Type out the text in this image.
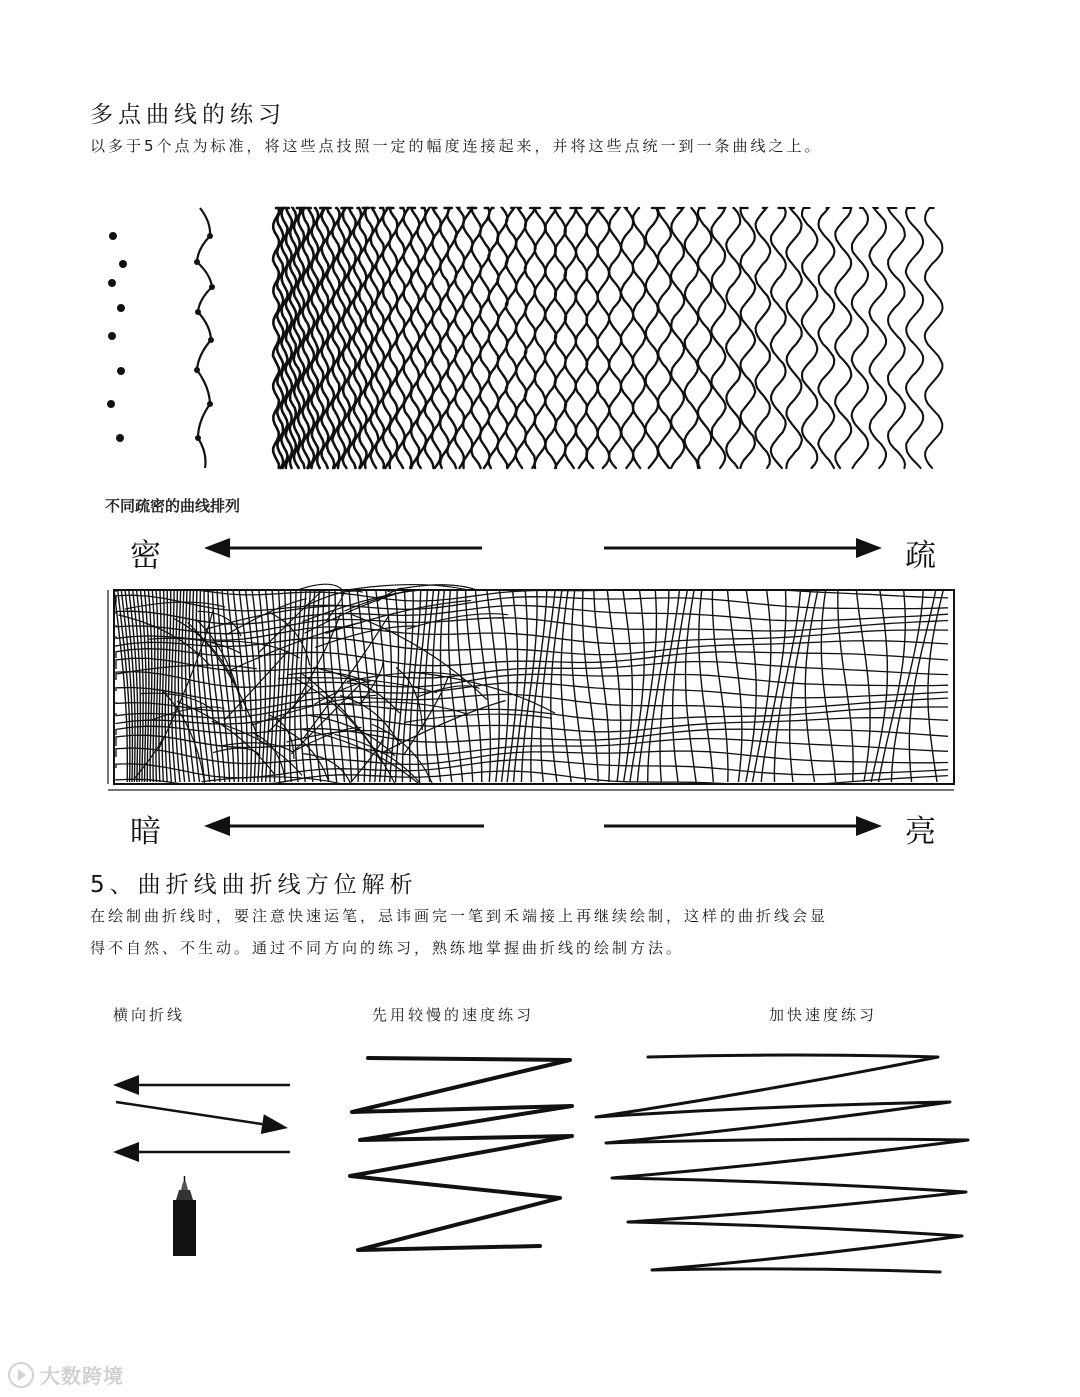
多点曲线的练习
以多于5个点为标准，将这些点技照一定的幅度连接起来，并将这些点统一到一条曲线之上。
不同疏密的曲线排列
密	疏
暗	亮
5、曲折线曲折线方位解析
在绘制曲折线时，要注意快速运笔，忌讳画完一笔到禾端接上再继续绘制，这样的曲折线会显
得不自然、不生动。通过不同方向的练习，熟练地掌握曲折线的绘制方法。
横向折线	先用较慢的速度练习	加快速度练习
大数跨境
